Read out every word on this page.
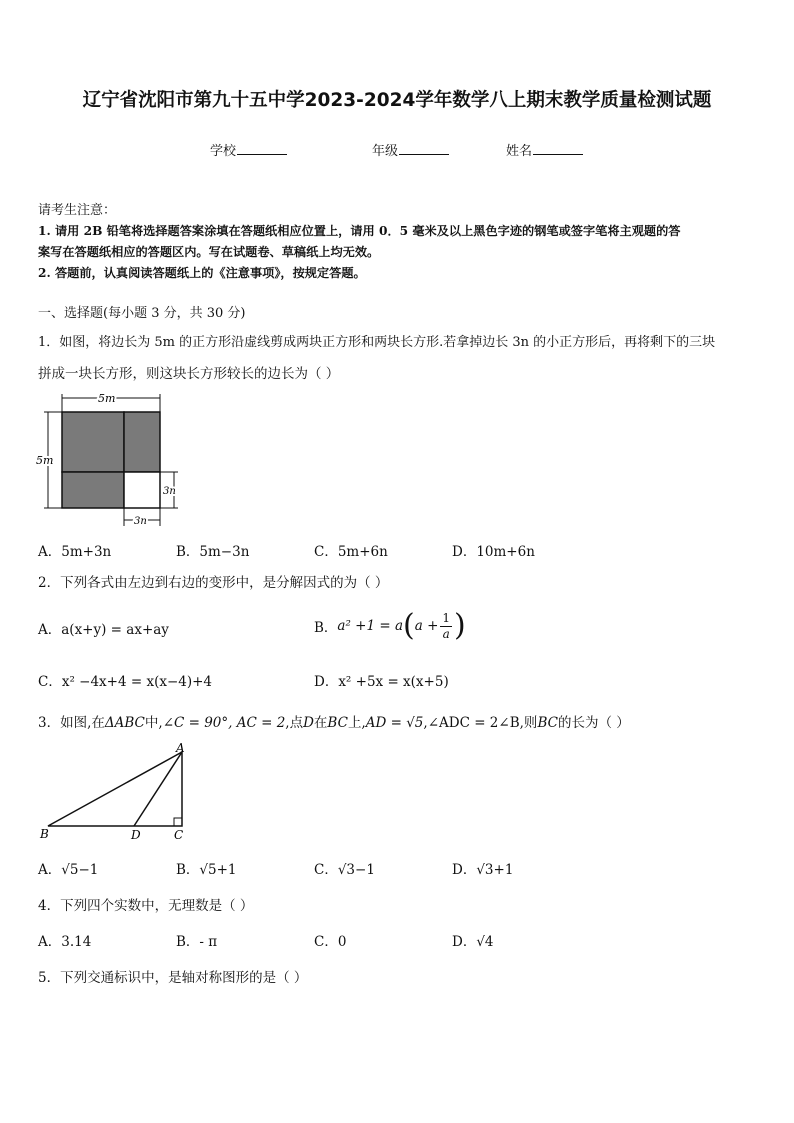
辽宁省沈阳市第九十五中学2023-2024学年数学八上期末教学质量检测试题
学校	年级	姓名
请考生注意：
1. 请用 2B 铅笔将选择题答案涂填在答题纸相应位置上，请用 0．5 毫米及以上黑色字迹的钢笔或签字笔将主观题的答
案写在答题纸相应的答题区内。写在试题卷、草稿纸上均无效。
2. 答题前，认真阅读答题纸上的《注意事项》，按规定答题。
一、选择题(每小题 3 分，共 30 分)
1．如图，将边长为 5m 的正方形沿虚线剪成两块正方形和两块长方形.若拿掉边长 3n 的小正方形后，再将剩下的三块
拼成一块长方形，则这块长方形较长的边长为（ ）
5m
5m
3n
3n
A．5m+3n	B．5m−3n	C．5m+6n	D．10m+6n
2．下列各式由左边到右边的变形中，是分解因式的为（ ）
A．a(x+y) = ax+ay	B．$a^2 +1 = a(a + \frac{1}{a}$ )
C．x² −4x+4 = x(x−4)+4	D．x² +5x = x(x+5)
3．如图,在ΔABC中,∠C = 90°, AC = 2,点D在BC上,AD = √5,∠ADC = 2∠B,则BC的长为（ ）
A
B	D	C
A．√5−1	B．√5+1	C．√3−1	D．√3+1
4．下列四个实数中，无理数是（ ）
A．3.14	B．- π	C．0	D．√4
5．下列交通标识中，是轴对称图形的是（ ）
